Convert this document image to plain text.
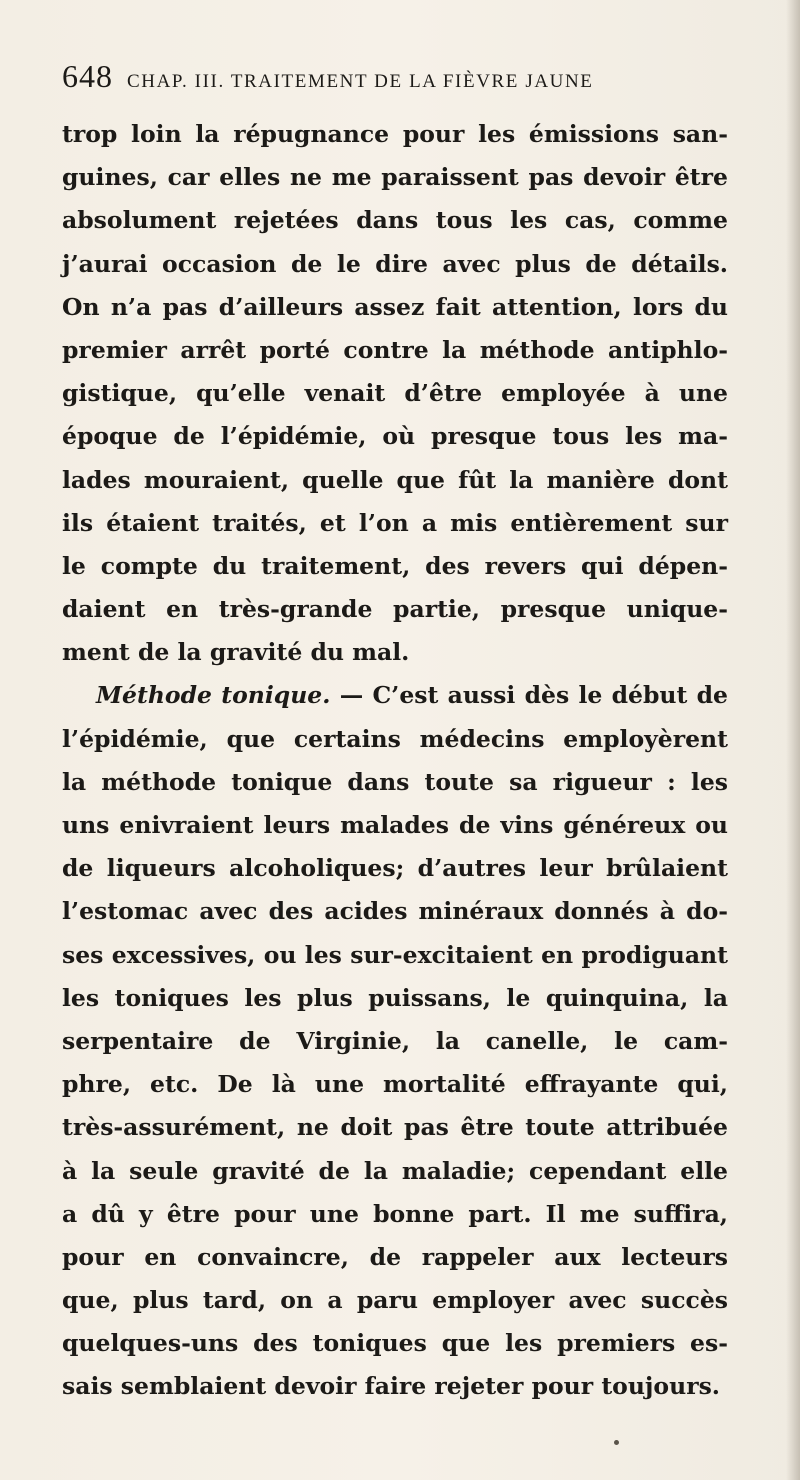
648 CHAP. III. TRAITEMENT DE LA FIÈVRE JAUNE
trop loin la répugnance pour les émissions san-
guines, car elles ne me paraissent pas devoir être
absolument rejetées dans tous les cas, comme
j’aurai occasion de le dire avec plus de détails.
On n’a pas d’ailleurs assez fait attention, lors du
premier arrêt porté contre la méthode antiphlo-
gistique, qu’elle venait d’être employée à une
époque de l’épidémie, où presque tous les ma-
lades mouraient, quelle que fût la manière dont
ils étaient traités, et l’on a mis entièrement sur
le compte du traitement, des revers qui dépen-
daient en très-grande partie, presque unique-
ment de la gravité du mal.
Méthode tonique. — C’est aussi dès le début de
l’épidémie, que certains médecins employèrent
la méthode tonique dans toute sa rigueur : les
uns enivraient leurs malades de vins généreux ou
de liqueurs alcoholiques; d’autres leur brûlaient
l’estomac avec des acides minéraux donnés à do-
ses excessives, ou les sur-excitaient en prodiguant
les toniques les plus puissans, le quinquina, la
serpentaire de Virginie, la canelle, le cam-
phre, etc. De là une mortalité effrayante qui,
très-assurément, ne doit pas être toute attribuée
à la seule gravité de la maladie; cependant elle
a dû y être pour une bonne part. Il me suffira,
pour en convaincre, de rappeler aux lecteurs
que, plus tard, on a paru employer avec succès
quelques-uns des toniques que les premiers es-
sais semblaient devoir faire rejeter pour toujours.
